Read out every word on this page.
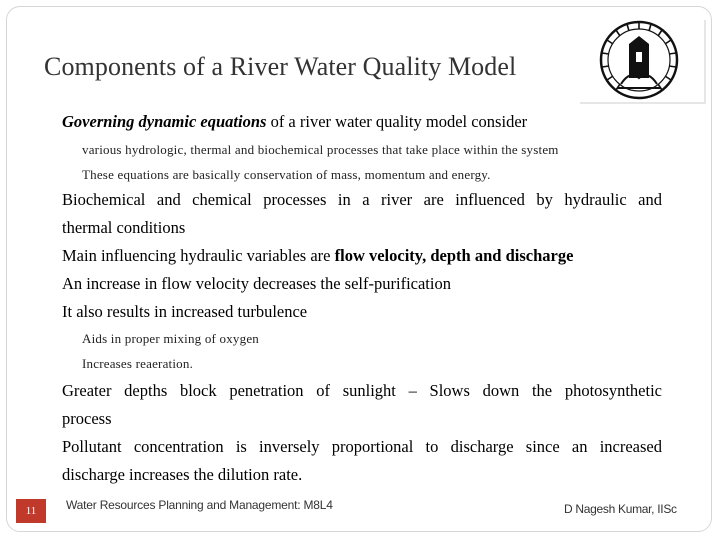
Components of a River Water Quality Model
Governing dynamic equations of a river water quality model consider
various hydrologic, thermal and biochemical processes that take place within the system
These equations are basically conservation of mass, momentum and energy.
Biochemical and chemical processes in a river are influenced by hydraulic and
thermal conditions
Main influencing hydraulic variables are flow velocity, depth and discharge
An increase in flow velocity decreases the self-purification
It also results in increased turbulence
Aids in proper mixing of oxygen
Increases reaeration.
Greater depths block penetration of sunlight – Slows down the photosynthetic
process
Pollutant concentration is inversely proportional to discharge since an increased
discharge increases the dilution rate.
11	Water Resources Planning and Management: M8L4	D Nagesh Kumar, IISc
